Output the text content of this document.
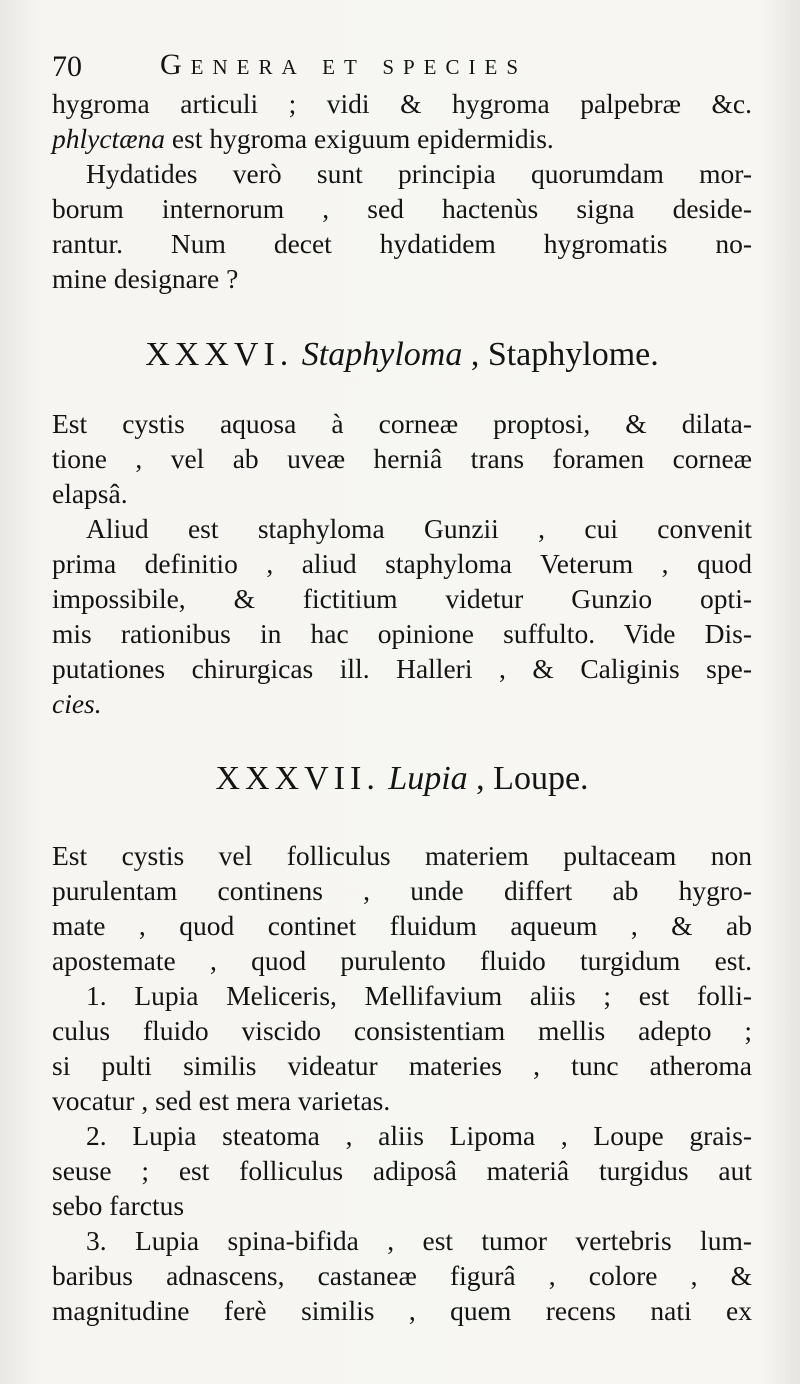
70	Genera et species
hygroma articuli ; vidi & hygroma palpebræ &c.
phlyctæna est hygroma exiguum epidermidis.
Hydatides verò sunt principia quorumdam mor-
borum internorum , sed hactenùs signa deside-
rantur. Num decet hydatidem hygromatis no-
mine designare ?
XXXVI. Staphyloma , Staphylome.
Est cystis aquosa à corneæ proptosi, & dilata-
tione , vel ab uveæ herniâ trans foramen corneæ
elapsâ.
Aliud est staphyloma Gunzii , cui convenit
prima definitio , aliud staphyloma Veterum , quod
impossibile, & fictitium videtur Gunzio opti-
mis rationibus in hac opinione suffulto. Vide Dis-
putationes chirurgicas ill. Halleri , & Caliginis spe-
cies.
XXXVII. Lupia , Loupe.
Est cystis vel folliculus materiem pultaceam non
purulentam continens , unde differt ab hygro-
mate , quod continet fluidum aqueum , & ab
apostemate , quod purulento fluido turgidum est.
1. Lupia Meliceris, Mellifavium aliis ; est folli-
culus fluido viscido consistentiam mellis adepto ;
si pulti similis videatur materies , tunc atheroma
vocatur , sed est mera varietas.
2. Lupia steatoma , aliis Lipoma , Loupe grais-
seuse ; est folliculus adiposâ materiâ turgidus aut
sebo farctus
3. Lupia spina-bifida , est tumor vertebris lum-
baribus adnascens, castaneæ figurâ , colore , &
magnitudine ferè similis , quem recens nati ex
